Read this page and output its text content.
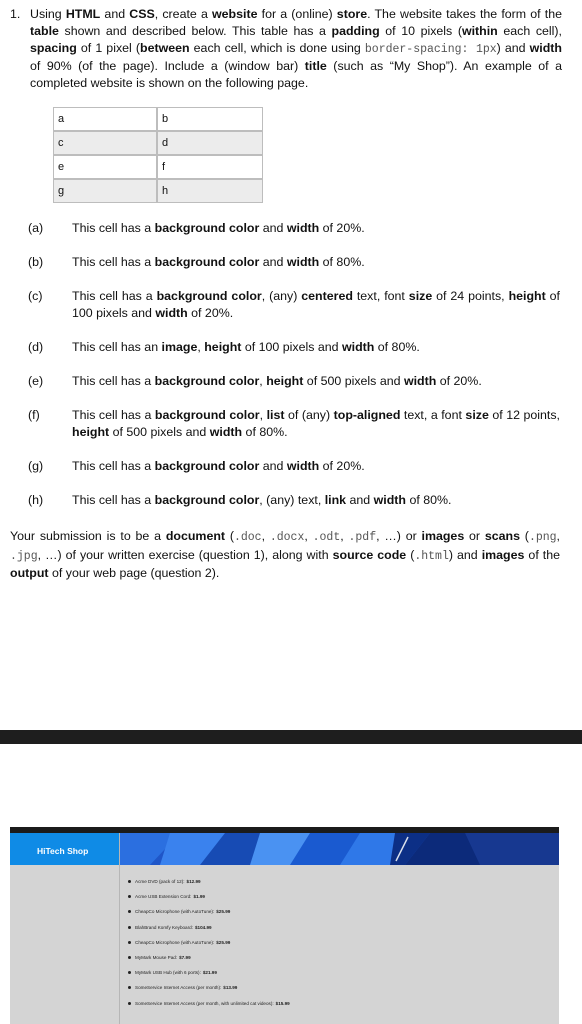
1. Using HTML and CSS, create a website for a (online) store. The website takes the form of the table shown and described below. This table has a padding of 10 pixels (within each cell), spacing of 1 pixel (between each cell, which is done using border-spacing: 1px) and width of 90% (of the page). Include a (window bar) title (such as “My Shop”). An example of a completed website is shown on the following page.
a	b
c	d
e	f
g	h
(a) This cell has a background color and width of 20%.
(b) This cell has a background color and width of 80%.
(c) This cell has a background color, (any) centered text, font size of 24 points, height of 100 pixels and width of 20%.
(d) This cell has an image, height of 100 pixels and width of 80%.
(e) This cell has a background color, height of 500 pixels and width of 20%.
(f)	This cell has a background color, list of (any) top-aligned text, a font size of 12 points, height of 500 pixels and width of 80%.
(g) This cell has a background color and width of 20%.
(h) This cell has a background color, (any) text, link and width of 80%.
Your submission is to be a document (.doc, .docx, .odt, .pdf, …) or images or scans (.png, .jpg, …) of your written exercise (question 1), along with source code (.html) and images of the output of your web page (question 2).
HiTech Shop
Acme DVD (pack of 12): $12.99
Acme USB Extension Cord: $1.99
CheapCo Microphone (with AutoTune): $25.99
BlahBrand Komfy Keyboard: $104.99
CheapCo Microphone (with AutoTune): $25.99
MyMark Mouse Pad: $7.99
MyMark USB Hub (with 6 ports): $21.99
SomeService Internet Access (per month): $13.99
SomeService Internet Access (per month, with unlimited cat videos): $15.99
